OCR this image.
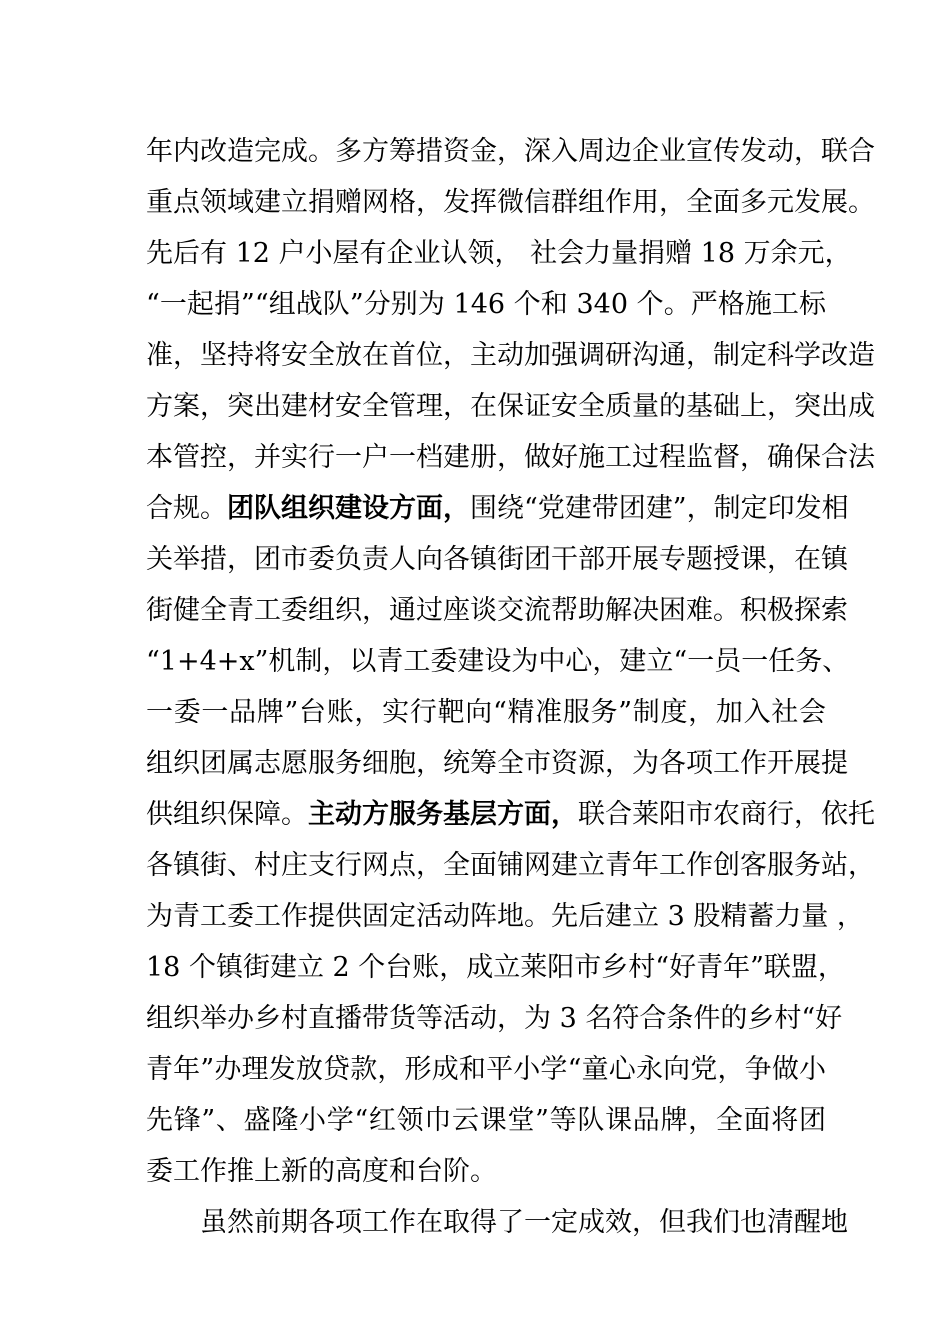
年内改造完成。多方筹措资金，深入周边企业宣传发动，联合
重点领域建立捐赠网格，发挥微信群组作用，全面多元发展。
先后有 12 户小屋有企业认领， 社会力量捐赠 18 万余元，
“一起捐”“组战队”分别为 146 个和 340 个。严格施工标
准，坚持将安全放在首位，主动加强调研沟通，制定科学改造
方案，突出建材安全管理，在保证安全质量的基础上，突出成
本管控，并实行一户一档建册，做好施工过程监督，确保合法
合规。团队组织建设方面，围绕“党建带团建”，制定印发相
关举措，团市委负责人向各镇街团干部开展专题授课，在镇
街健全青工委组织，通过座谈交流帮助解决困难。积极探索
“1+4+x”机制，以青工委建设为中心，建立“一员一任务、
一委一品牌”台账，实行靶向“精准服务”制度，加入社会
组织团属志愿服务细胞，统筹全市资源，为各项工作开展提
供组织保障。主动方服务基层方面，联合莱阳市农商行，依托
各镇街、村庄支行网点，全面铺网建立青年工作创客服务站，
为青工委工作提供固定活动阵地。先后建立 3 股精蓄力量 ，
18 个镇街建立 2 个台账，成立莱阳市乡村“好青年”联盟，
组织举办乡村直播带货等活动，为 3 名符合条件的乡村“好
青年”办理发放贷款，形成和平小学“童心永向党，争做小
先锋”、盛隆小学“红领巾云课堂”等队课品牌，全面将团
委工作推上新的高度和台阶。
虽然前期各项工作在取得了一定成效，但我们也清醒地
